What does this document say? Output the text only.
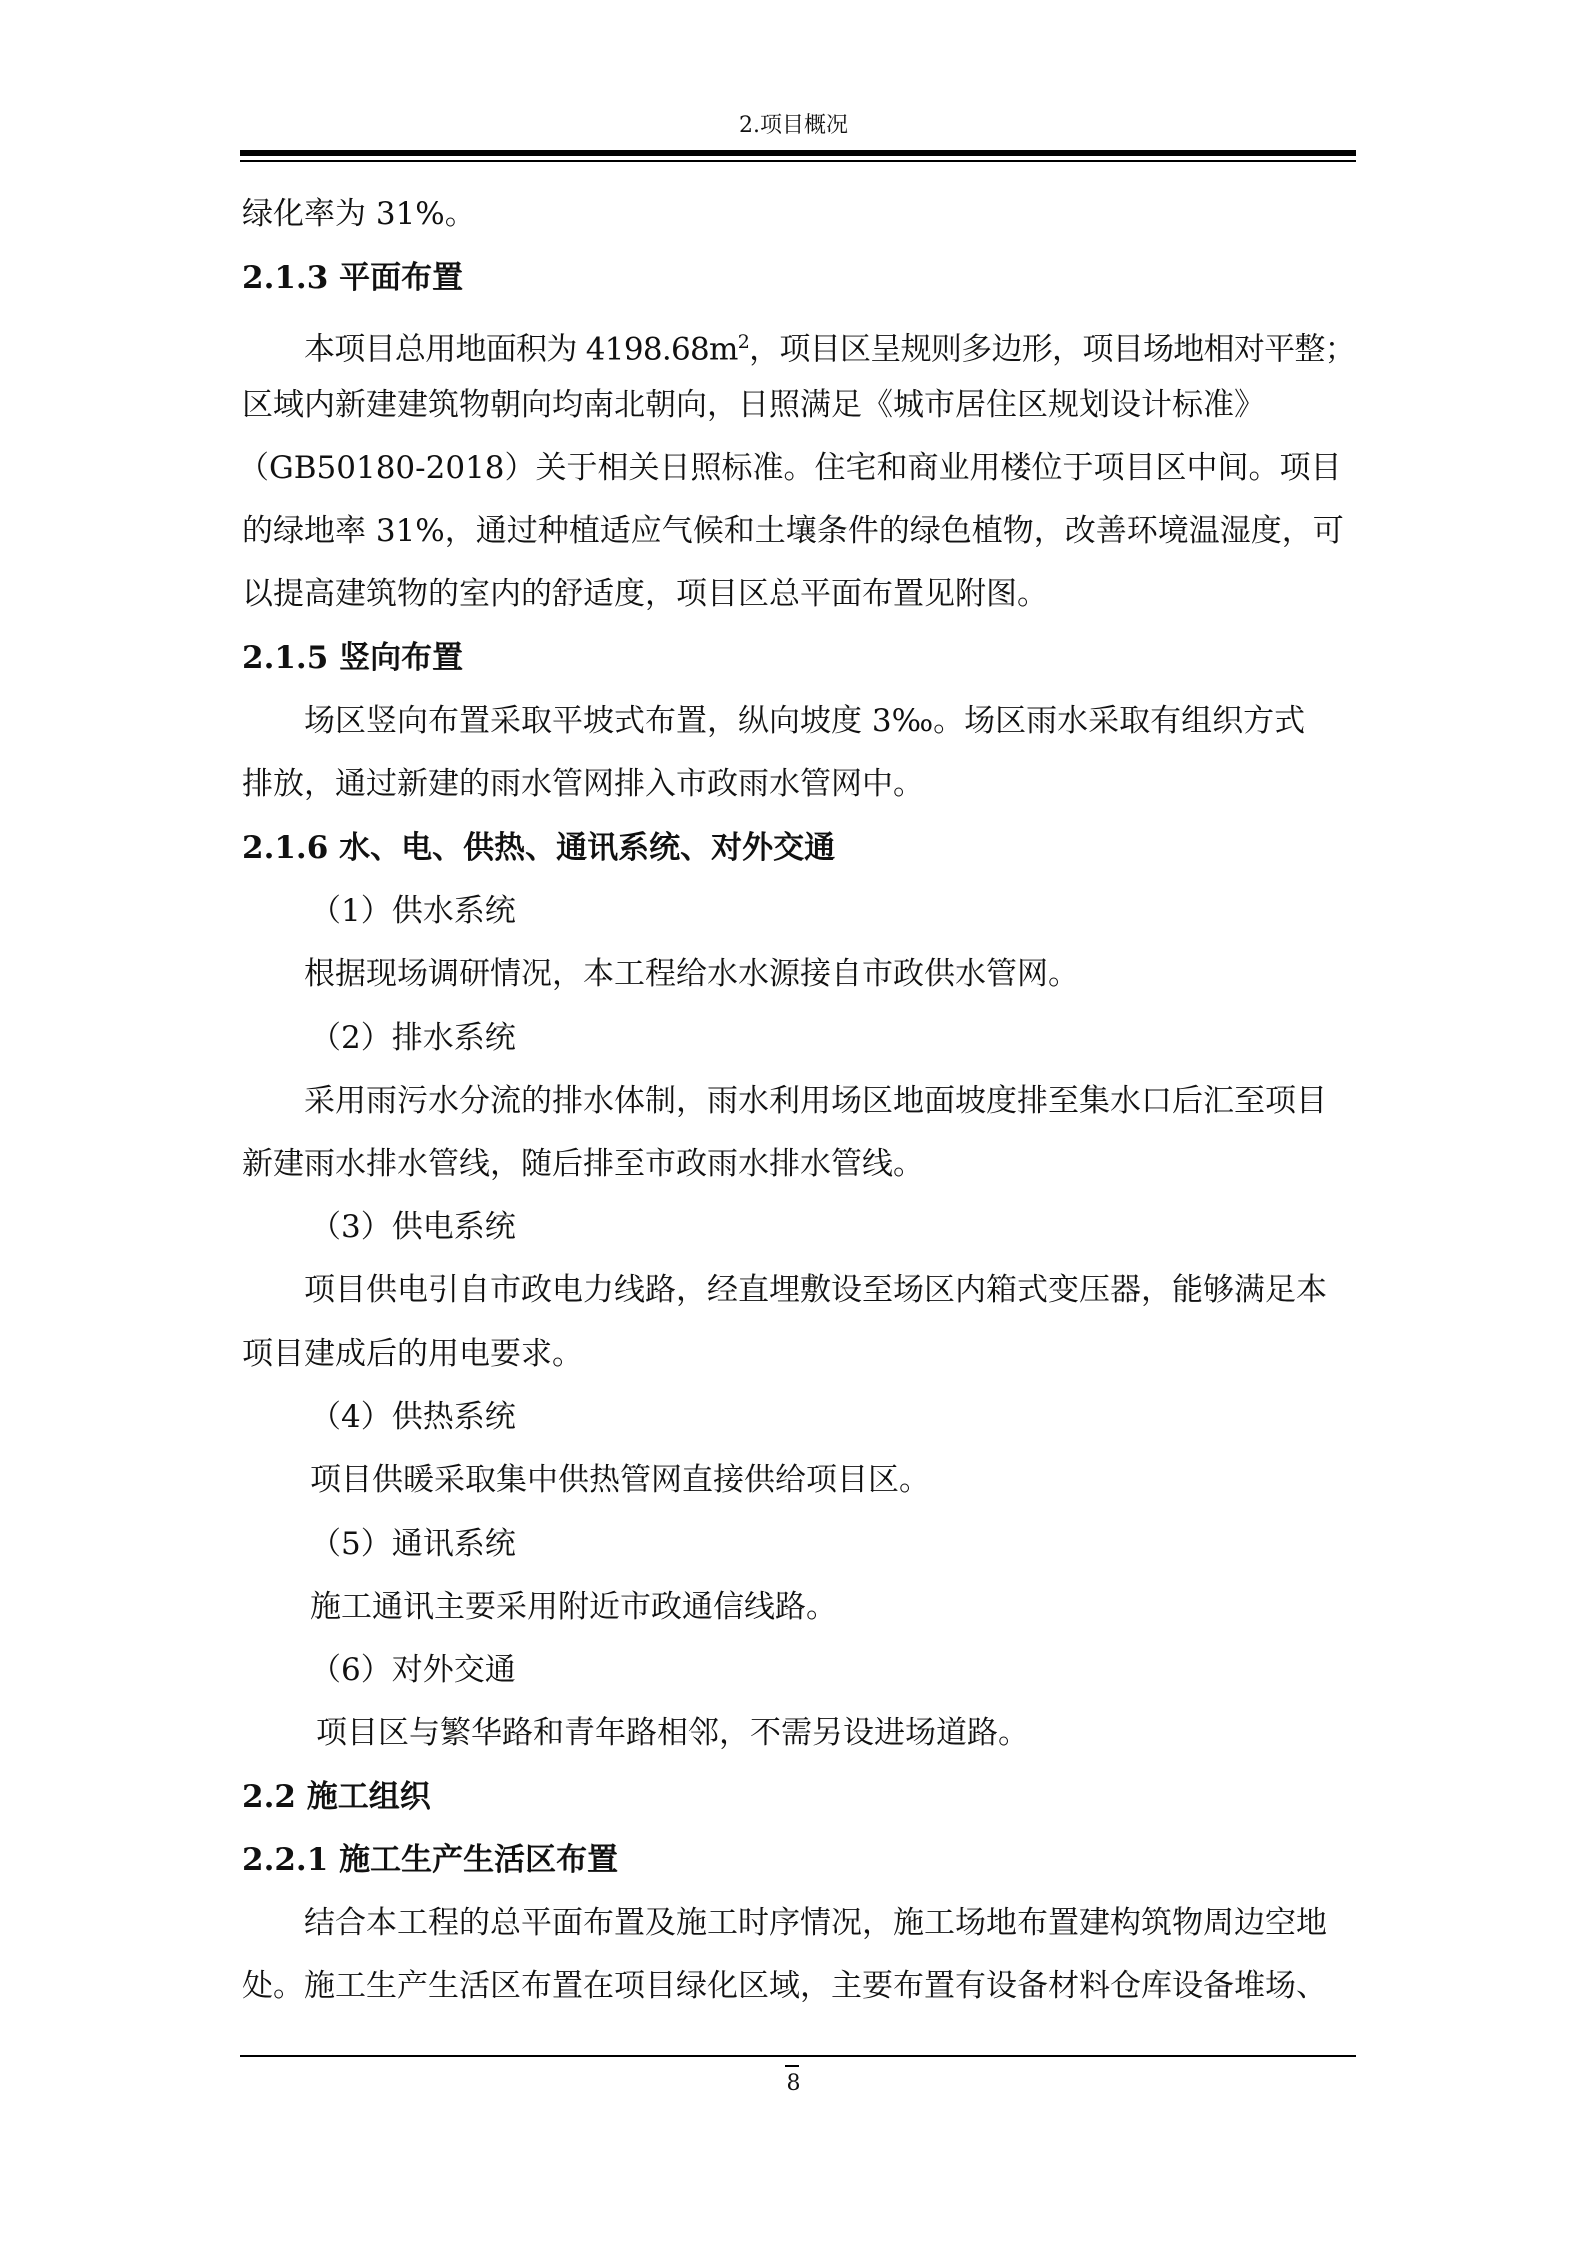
2.项目概况
绿化率为 31%。
2.1.3 平面布置
本项目总用地面积为 $4198.68m^2$，项目区呈规则多边形，项目场地相对平整；
区域内新建建筑物朝向均南北朝向，日照满足《城市居住区规划设计标准》
（GB50180-2018）关于相关日照标准。住宅和商业用楼位于项目区中间。项目
的绿地率 31%，通过种植适应气候和土壤条件的绿色植物，改善环境温湿度，可
以提高建筑物的室内的舒适度，项目区总平面布置见附图。
2.1.5 竖向布置
场区竖向布置采取平坡式布置，纵向坡度 3‰。场区雨水采取有组织方式
排放，通过新建的雨水管网排入市政雨水管网中。
2.1.6 水、电、供热、通讯系统、对外交通
（1）供水系统
根据现场调研情况，本工程给水水源接自市政供水管网。
（2）排水系统
采用雨污水分流的排水体制，雨水利用场区地面坡度排至集水口后汇至项目
新建雨水排水管线，随后排至市政雨水排水管线。
（3）供电系统
项目供电引自市政电力线路，经直埋敷设至场区内箱式变压器，能够满足本
项目建成后的用电要求。
（4）供热系统
项目供暖采取集中供热管网直接供给项目区。
（5）通讯系统
施工通讯主要采用附近市政通信线路。
（6）对外交通
项目区与繁华路和青年路相邻，不需另设进场道路。
2.2 施工组织
2.2.1 施工生产生活区布置
结合本工程的总平面布置及施工时序情况，施工场地布置建构筑物周边空地
处。施工生产生活区布置在项目绿化区域，主要布置有设备材料仓库设备堆场、
8
